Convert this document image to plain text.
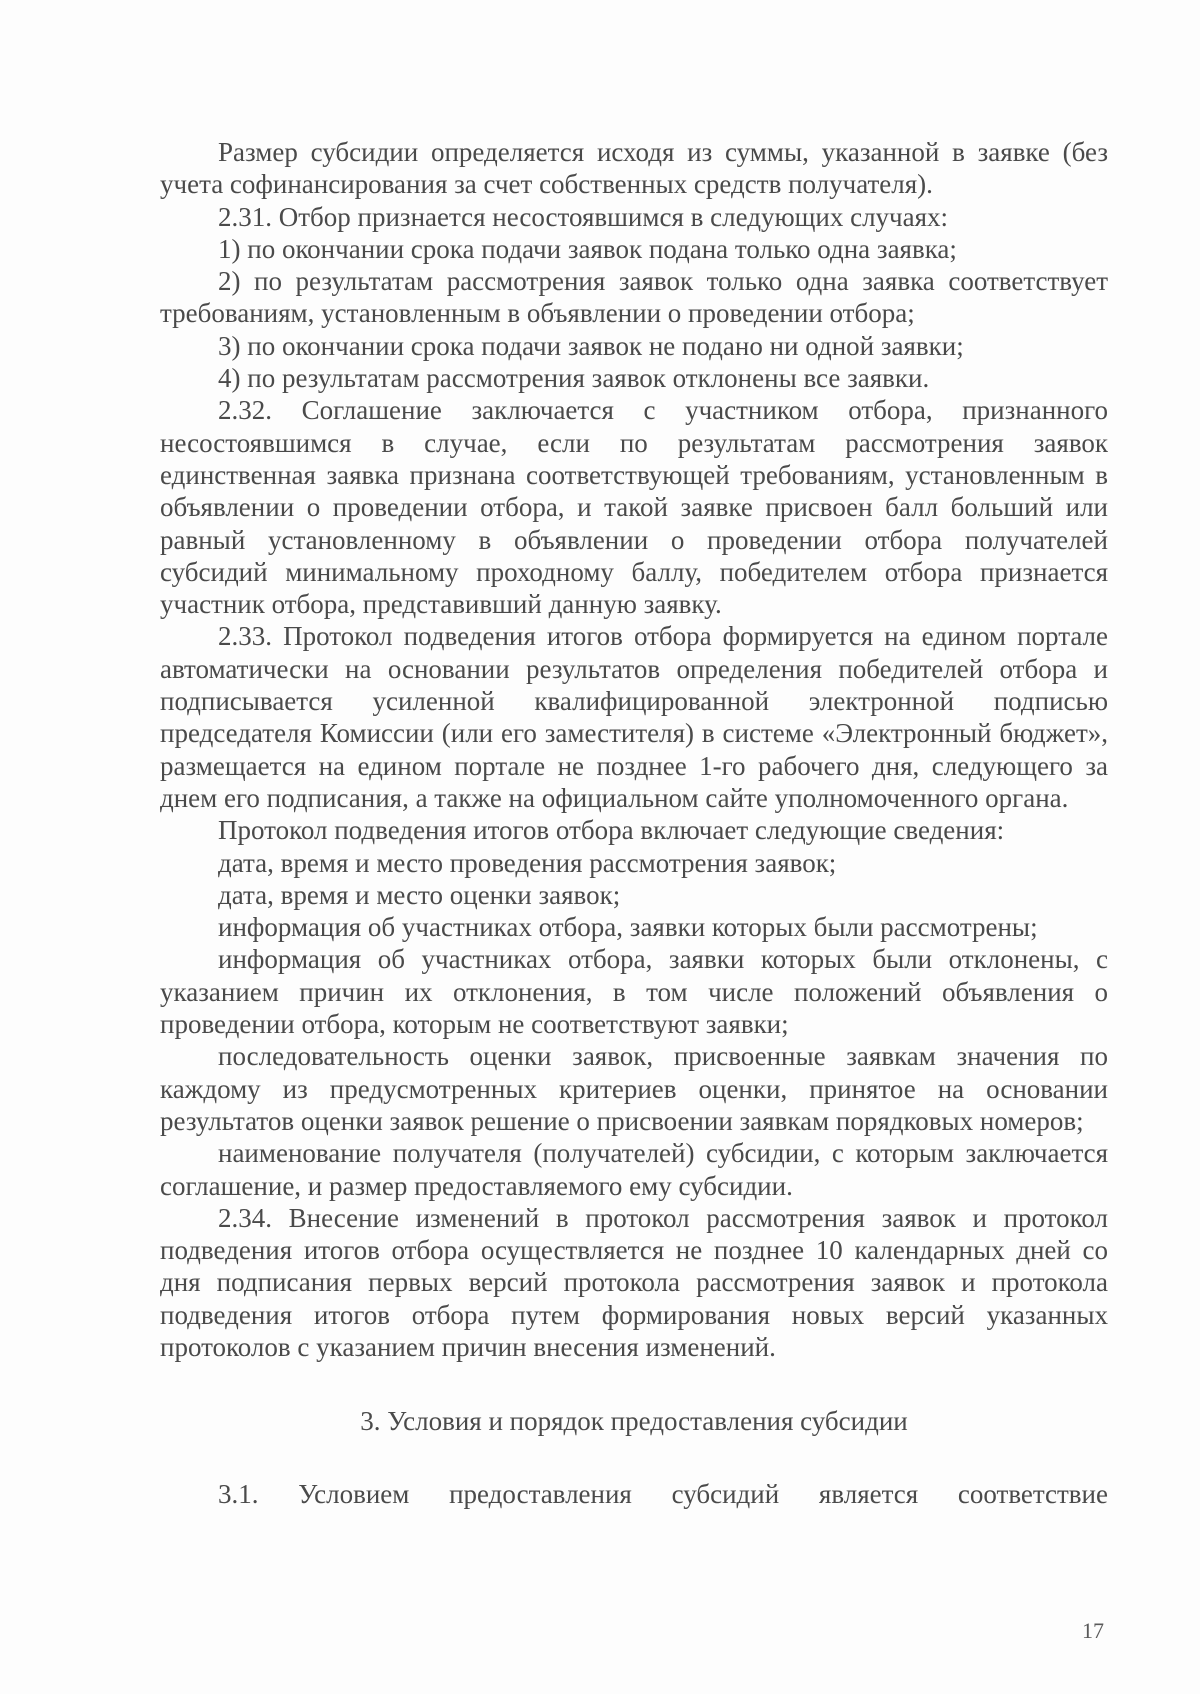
Размер субсидии определяется исходя из суммы, указанной в заявке (без учета софинансирования за счет собственных средств получателя).

2.31. Отбор признается несостоявшимся в следующих случаях:

1) по окончании срока подачи заявок подана только одна заявка;

2) по результатам рассмотрения заявок только одна заявка соответствует требованиям, установленным в объявлении о проведении отбора;

3) по окончании срока подачи заявок не подано ни одной заявки;

4) по результатам рассмотрения заявок отклонены все заявки.

2.32. Соглашение заключается с участником отбора, признанного несостоявшимся в случае, если по результатам рассмотрения заявок единственная заявка признана соответствующей требованиям, установленным в объявлении о проведении отбора, и такой заявке присвоен балл больший или равный установленному в объявлении о проведении отбора получателей субсидий минимальному проходному баллу, победителем отбора признается участник отбора, представивший данную заявку.

2.33. Протокол подведения итогов отбора формируется на едином портале автоматически на основании результатов определения победителей отбора и подписывается усиленной квалифицированной электронной подписью председателя Комиссии (или его заместителя) в системе «Электронный бюджет», размещается на едином портале не позднее 1-го рабочего дня, следующего за днем его подписания, а также на официальном сайте уполномоченного органа.

Протокол подведения итогов отбора включает следующие сведения:

дата, время и место проведения рассмотрения заявок;

дата, время и место оценки заявок;

информация об участниках отбора, заявки которых были рассмотрены;

информация об участниках отбора, заявки которых были отклонены, с указанием причин их отклонения, в том числе положений объявления о проведении отбора, которым не соответствуют заявки;

последовательность оценки заявок, присвоенные заявкам значения по каждому из предусмотренных критериев оценки, принятое на основании результатов оценки заявок решение о присвоении заявкам порядковых номеров;

наименование получателя (получателей) субсидии, с которым заключается соглашение, и размер предоставляемого ему субсидии.

2.34. Внесение изменений в протокол рассмотрения заявок и протокол подведения итогов отбора осуществляется не позднее 10 календарных дней со дня подписания первых версий протокола рассмотрения заявок и протокола подведения итогов отбора путем формирования новых версий указанных протоколов с указанием причин внесения изменений.

3. Условия и порядок предоставления субсидии

3.1. Условием предоставления субсидий является соответствие

17
